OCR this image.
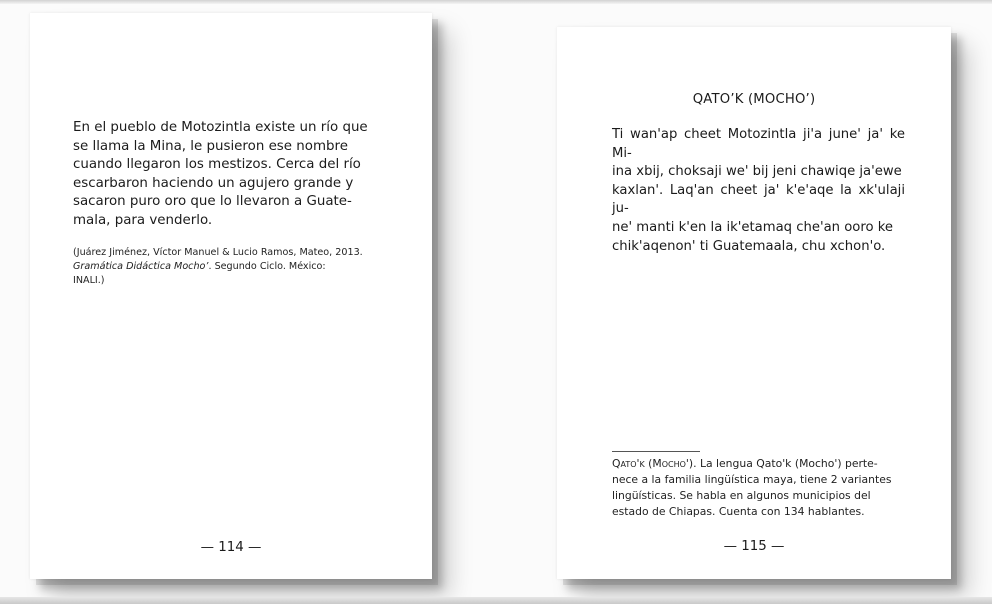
En el pueblo de Motozintla existe un río que
se llama la Mina, le pusieron ese nombre
cuando llegaron los mestizos. Cerca del río
escarbaron haciendo un agujero grande y
sacaron puro oro que lo llevaron a Guate-
mala, para venderlo.

(Juárez Jiménez, Víctor Manuel & Lucio Ramos, Mateo, 2013.
Gramática Didáctica Mocho’. Segundo Ciclo. México:
INALI.)

— 114 —

QATO’K (MOCHO’)

Ti wan'ap cheet Motozintla ji'a june' ja' ke Mi-
ina xbij, choksaji we' bij jeni chawiqe ja'ewe
kaxlan'. Laq'an cheet ja' k'e'aqe la xk'ulaji ju-
ne' manti k'en la ik'etamaq che'an ooro ke
chik'aqenon' ti Guatemaala, chu xchon'o.

Qato'k (Mocho'). La lengua Qato'k (Mocho') perte-
nece a la familia lingüística maya, tiene 2 variantes
lingüísticas. Se habla en algunos municipios del
estado de Chiapas. Cuenta con 134 hablantes.

— 115 —
